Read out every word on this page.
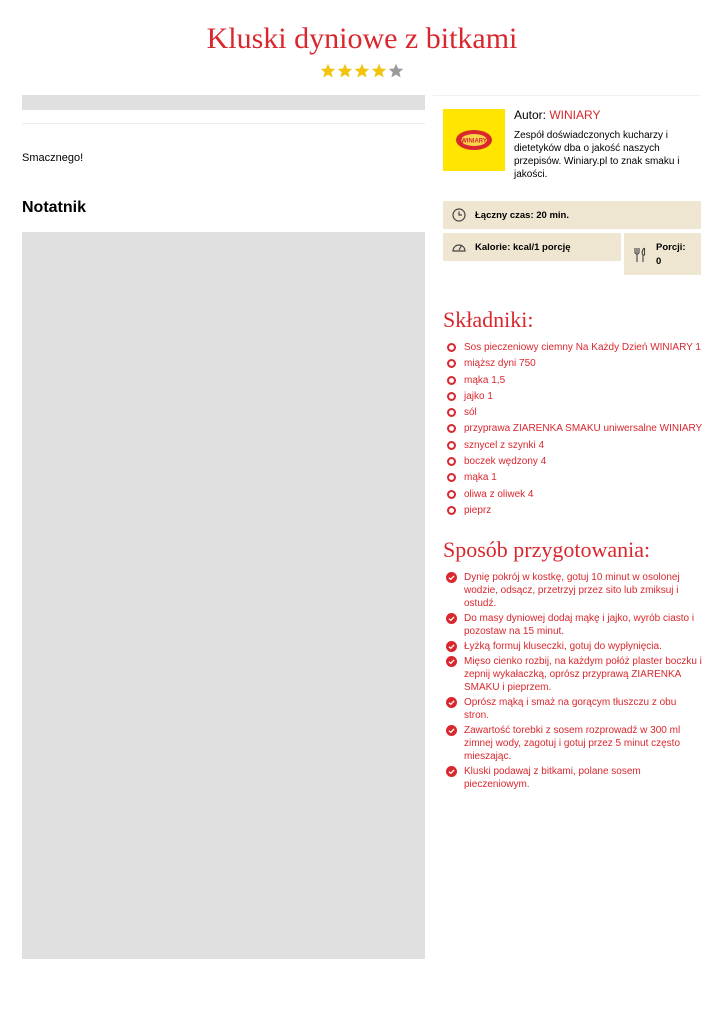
Kluski dyniowe z bitkami
Smacznego!
Notatnik
WINIARY
Autor: WINIARY

Zespół doświadczonych kucharzy i dietetyków dba o jakość naszych przepisów. Winiary.pl to znak smaku i jakości.

Łączny czas: 20 min.
Kalorie: kcal/1 porcję	Porcji:
0
Składniki:
Sos pieczeniowy ciemny Na Każdy Dzień WINIARY 1
miąższ dyni 750
mąka 1,5
jajko 1
sól
przyprawa ZIARENKA SMAKU uniwersalne WINIARY
sznycel z szynki 4
boczek wędzony 4
mąka 1
oliwa z oliwek 4
pieprz
Sposób przygotowania:
Dynię pokrój w kostkę, gotuj 10 minut w osolonej wodzie, odsącz, przetrzyj przez sito lub zmiksuj i ostudź.
Do masy dyniowej dodaj mąkę i jajko, wyrób ciasto i pozostaw na 15 minut.
Łyżką formuj kluseczki, gotuj do wypłynięcia.
Mięso cienko rozbij, na każdym połóż plaster boczku i zepnij wykałaczką, oprósz przyprawą ZIARENKA SMAKU i pieprzem.
Oprósz mąką i smaż na gorącym tłuszczu z obu stron.
Zawartość torebki z sosem rozprowadź w 300 ml zimnej wody, zagotuj i gotuj przez 5 minut często mieszając.
Kluski podawaj z bitkami, polane sosem pieczeniowym.
